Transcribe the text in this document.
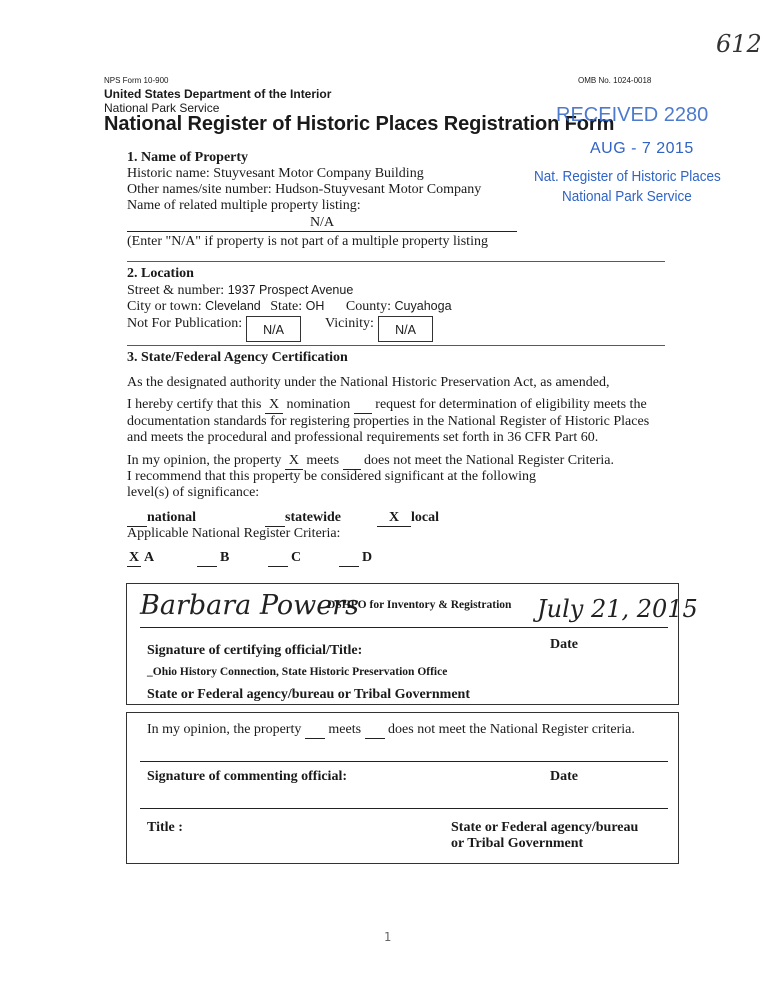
612
NPS Form 10-900	OMB No. 1024-0018
United States Department of the Interior
National Park Service
National Register of Historic Places Registration Form
RECEIVED 2280
AUG - 7 2015
Nat. Register of Historic Places
National Park Service
1. Name of Property
Historic name: Stuyvesant Motor Company Building
Other names/site number: Hudson-Stuyvesant Motor Company
Name of related multiple property listing:
N/A
(Enter "N/A" if property is not part of a multiple property listing
2. Location
Street & number: 1937 Prospect Avenue
City or town: Cleveland State: OH County: Cuyahoga
Not For Publication:	N/A	Vicinity:	N/A
3. State/Federal Agency Certification
As the designated authority under the National Historic Preservation Act, as amended,
I hereby certify that this X nomination request for determination of eligibility meets the
documentation standards for registering properties in the National Register of Historic Places
and meets the procedural and professional requirements set forth in 36 CFR Part 60.
In my opinion, the property X meets does not meet the National Register Criteria.
I recommend that this property be considered significant at the following
level(s) of significance:
national	statewide	X local
Applicable National Register Criteria:
X A	B	C	D
Barbara Powers
DSHPO for Inventory & Registration July 21, 2015
Signature of certifying official/Title:	Date
_Ohio History Connection, State Historic Preservation Office
State or Federal agency/bureau or Tribal Government
In my opinion, the property meets does not meet the National Register criteria.
Signature of commenting official:	Date
Title :	State or Federal agency/bureau
or Tribal Government
1
